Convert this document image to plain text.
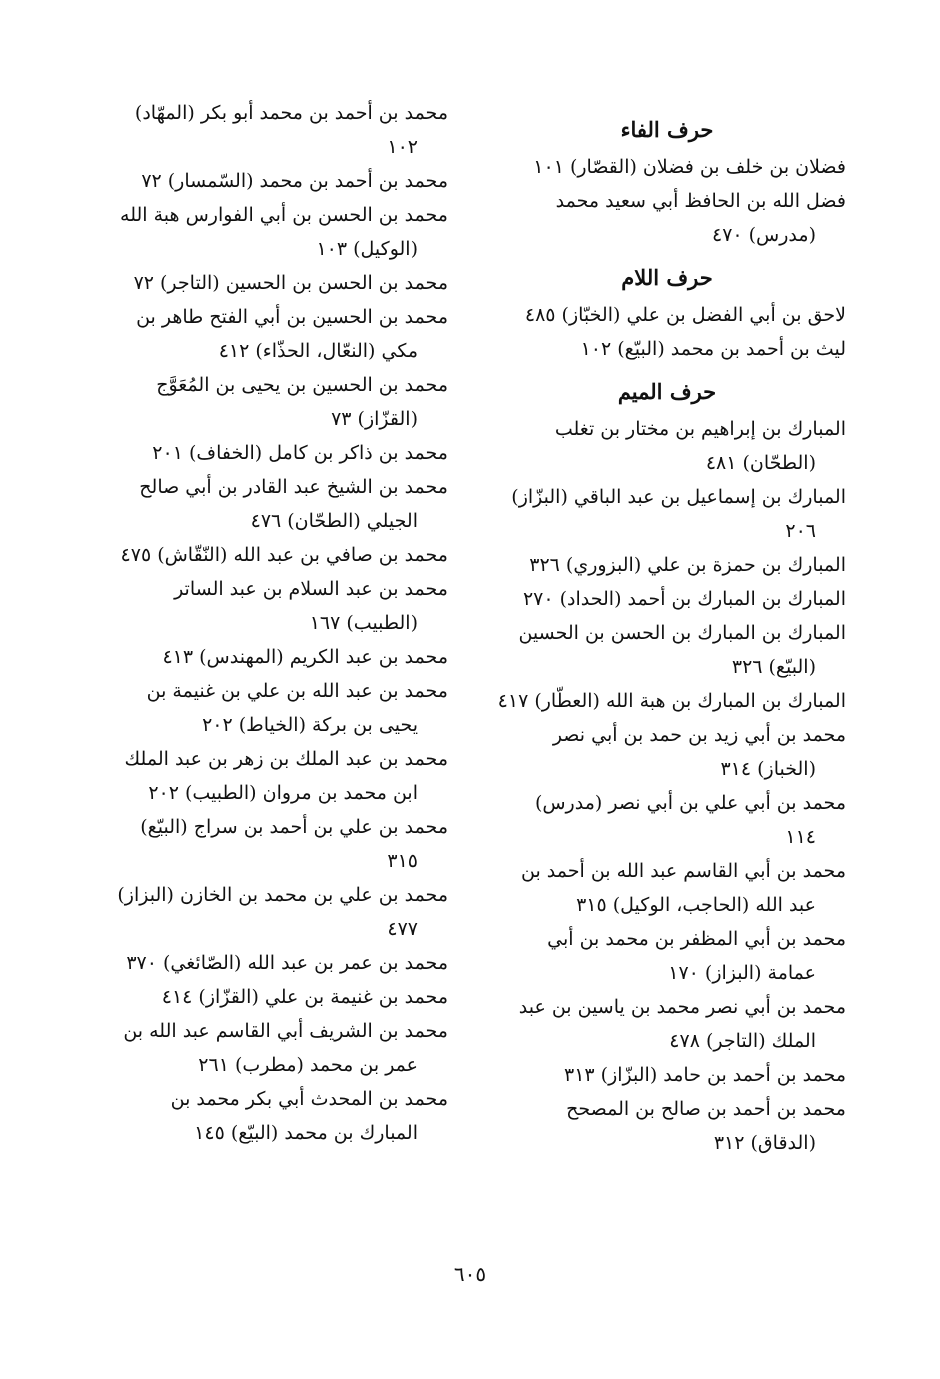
حرف الفاء
فضلان بن خلف بن فضلان (القصّار) ١٠١
فضل الله بن الحافظ أبي سعيد محمد
(مدرس) ٤٧٠
حرف اللام
لاحق بن أبي الفضل بن علي (الخبّاز) ٤٨٥
ليث بن أحمد بن محمد (البيّع) ١٠٢
حرف الميم
المبارك بن إبراهيم بن مختار بن تغلب
(الطحّان) ٤٨١
المبارك بن إسماعيل بن عبد الباقي (البزّاز)
٢٠٦
المبارك بن حمزة بن علي (البزوري) ٣٢٦
المبارك بن المبارك بن أحمد (الحداد) ٢٧٠
المبارك بن المبارك بن الحسن بن الحسين
(البيّع) ٣٢٦
المبارك بن المبارك بن هبة الله (العطّار) ٤١٧
محمد بن أبي زيد بن حمد بن أبي نصر
(الخباز) ٣١٤
محمد بن أبي علي بن أبي نصر (مدرس)
١١٤
محمد بن أبي القاسم عبد الله بن أحمد بن
عبد الله (الحاجب، الوكيل) ٣١٥
محمد بن أبي المظفر بن محمد بن أبي
عمامة (البزاز) ١٧٠
محمد بن أبي نصر محمد بن ياسين بن عبد
الملك (التاجر) ٤٧٨
محمد بن أحمد بن حامد (البزّاز) ٣١٣
محمد بن أحمد بن صالح بن المصحح
(الدقاق) ٣١٢
محمد بن أحمد بن محمد أبو بكر (المهّاد)
١٠٢
محمد بن أحمد بن محمد (السّمسار) ٧٢
محمد بن الحسن بن أبي الفوارس هبة الله
(الوكيل) ١٠٣
محمد بن الحسن بن الحسين (التاجر) ٧٢
محمد بن الحسين بن أبي الفتح طاهر بن
مكي (النعّال، الحذّاء) ٤١٢
محمد بن الحسين بن يحيى بن المُعَوَّج
(القزّاز) ٧٣
محمد بن ذاكر بن كامل (الخفاف) ٢٠١
محمد بن الشيخ عبد القادر بن أبي صالح
الجيلي (الطحّان) ٤٧٦
محمد بن صافي بن عبد الله (النّقّاش) ٤٧٥
محمد بن عبد السلام بن عبد الساتر
(الطبيب) ١٦٧
محمد بن عبد الكريم (المهندس) ٤١٣
محمد بن عبد الله بن علي بن غنيمة بن
يحيى بن بركة (الخياط) ٢٠٢
محمد بن عبد الملك بن زهر بن عبد الملك
ابن محمد بن مروان (الطبيب) ٢٠٢
محمد بن علي بن أحمد بن سراج (البيّع)
٣١٥
محمد بن علي بن محمد بن الخازن (البزاز)
٤٧٧
محمد بن عمر بن عبد الله (الصّائغي) ٣٧٠
محمد بن غنيمة بن علي (القزّاز) ٤١٤
محمد بن الشريف أبي القاسم عبد الله بن
عمر بن محمد (مطرب) ٢٦١
محمد بن المحدث أبي بكر محمد بن
المبارك بن محمد (البيّع) ١٤٥
٦٠٥
